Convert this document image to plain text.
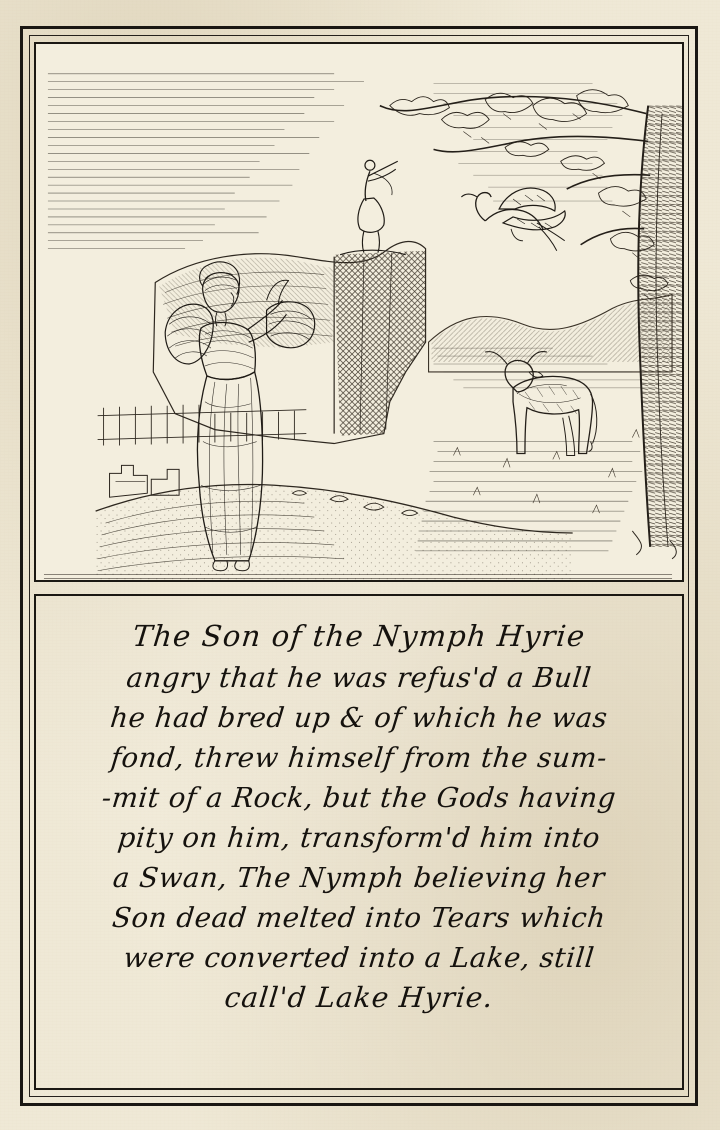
The Son of the Nymph Hyrie
angry that he was refus'd a Bull
he had bred up & of which he was
fond, threw himself from the sum-
-mit of a Rock, but the Gods having
pity on him, transform'd him into
a Swan, The Nymph believing her
Son dead melted into Tears which
were converted into a Lake, still
call'd Lake Hyrie.
